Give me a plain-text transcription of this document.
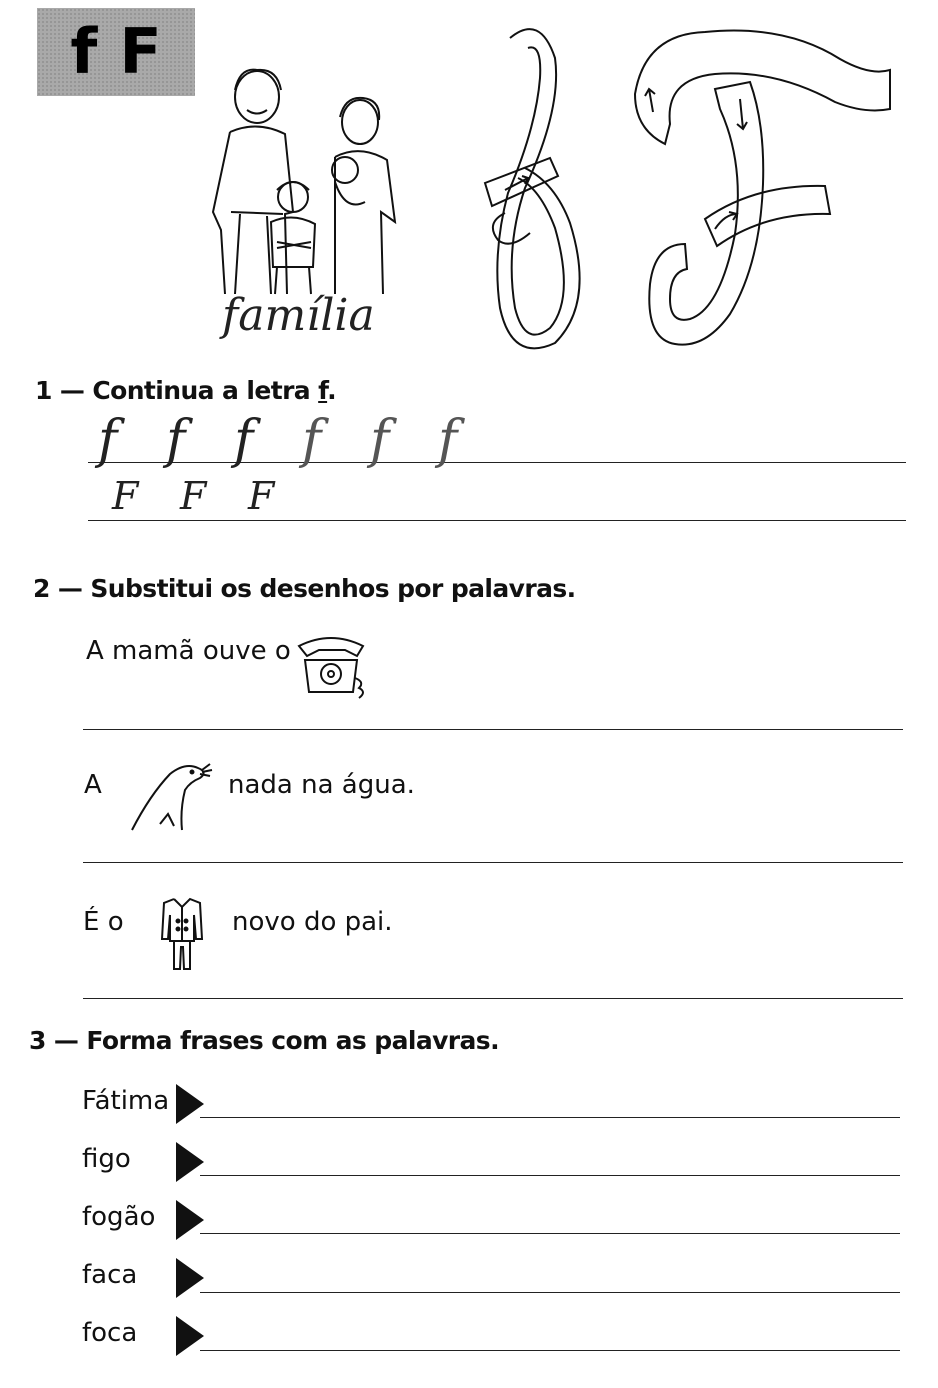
f F
família
1 — Continua a letra f.
f f f f f f
F F F
2 — Substitui os desenhos por palavras.
A mamã ouve o
A	nada na água.
É o	novo do pai.
3 — Forma frases com as palavras.
Fátima
figo
fogão
faca
foca
